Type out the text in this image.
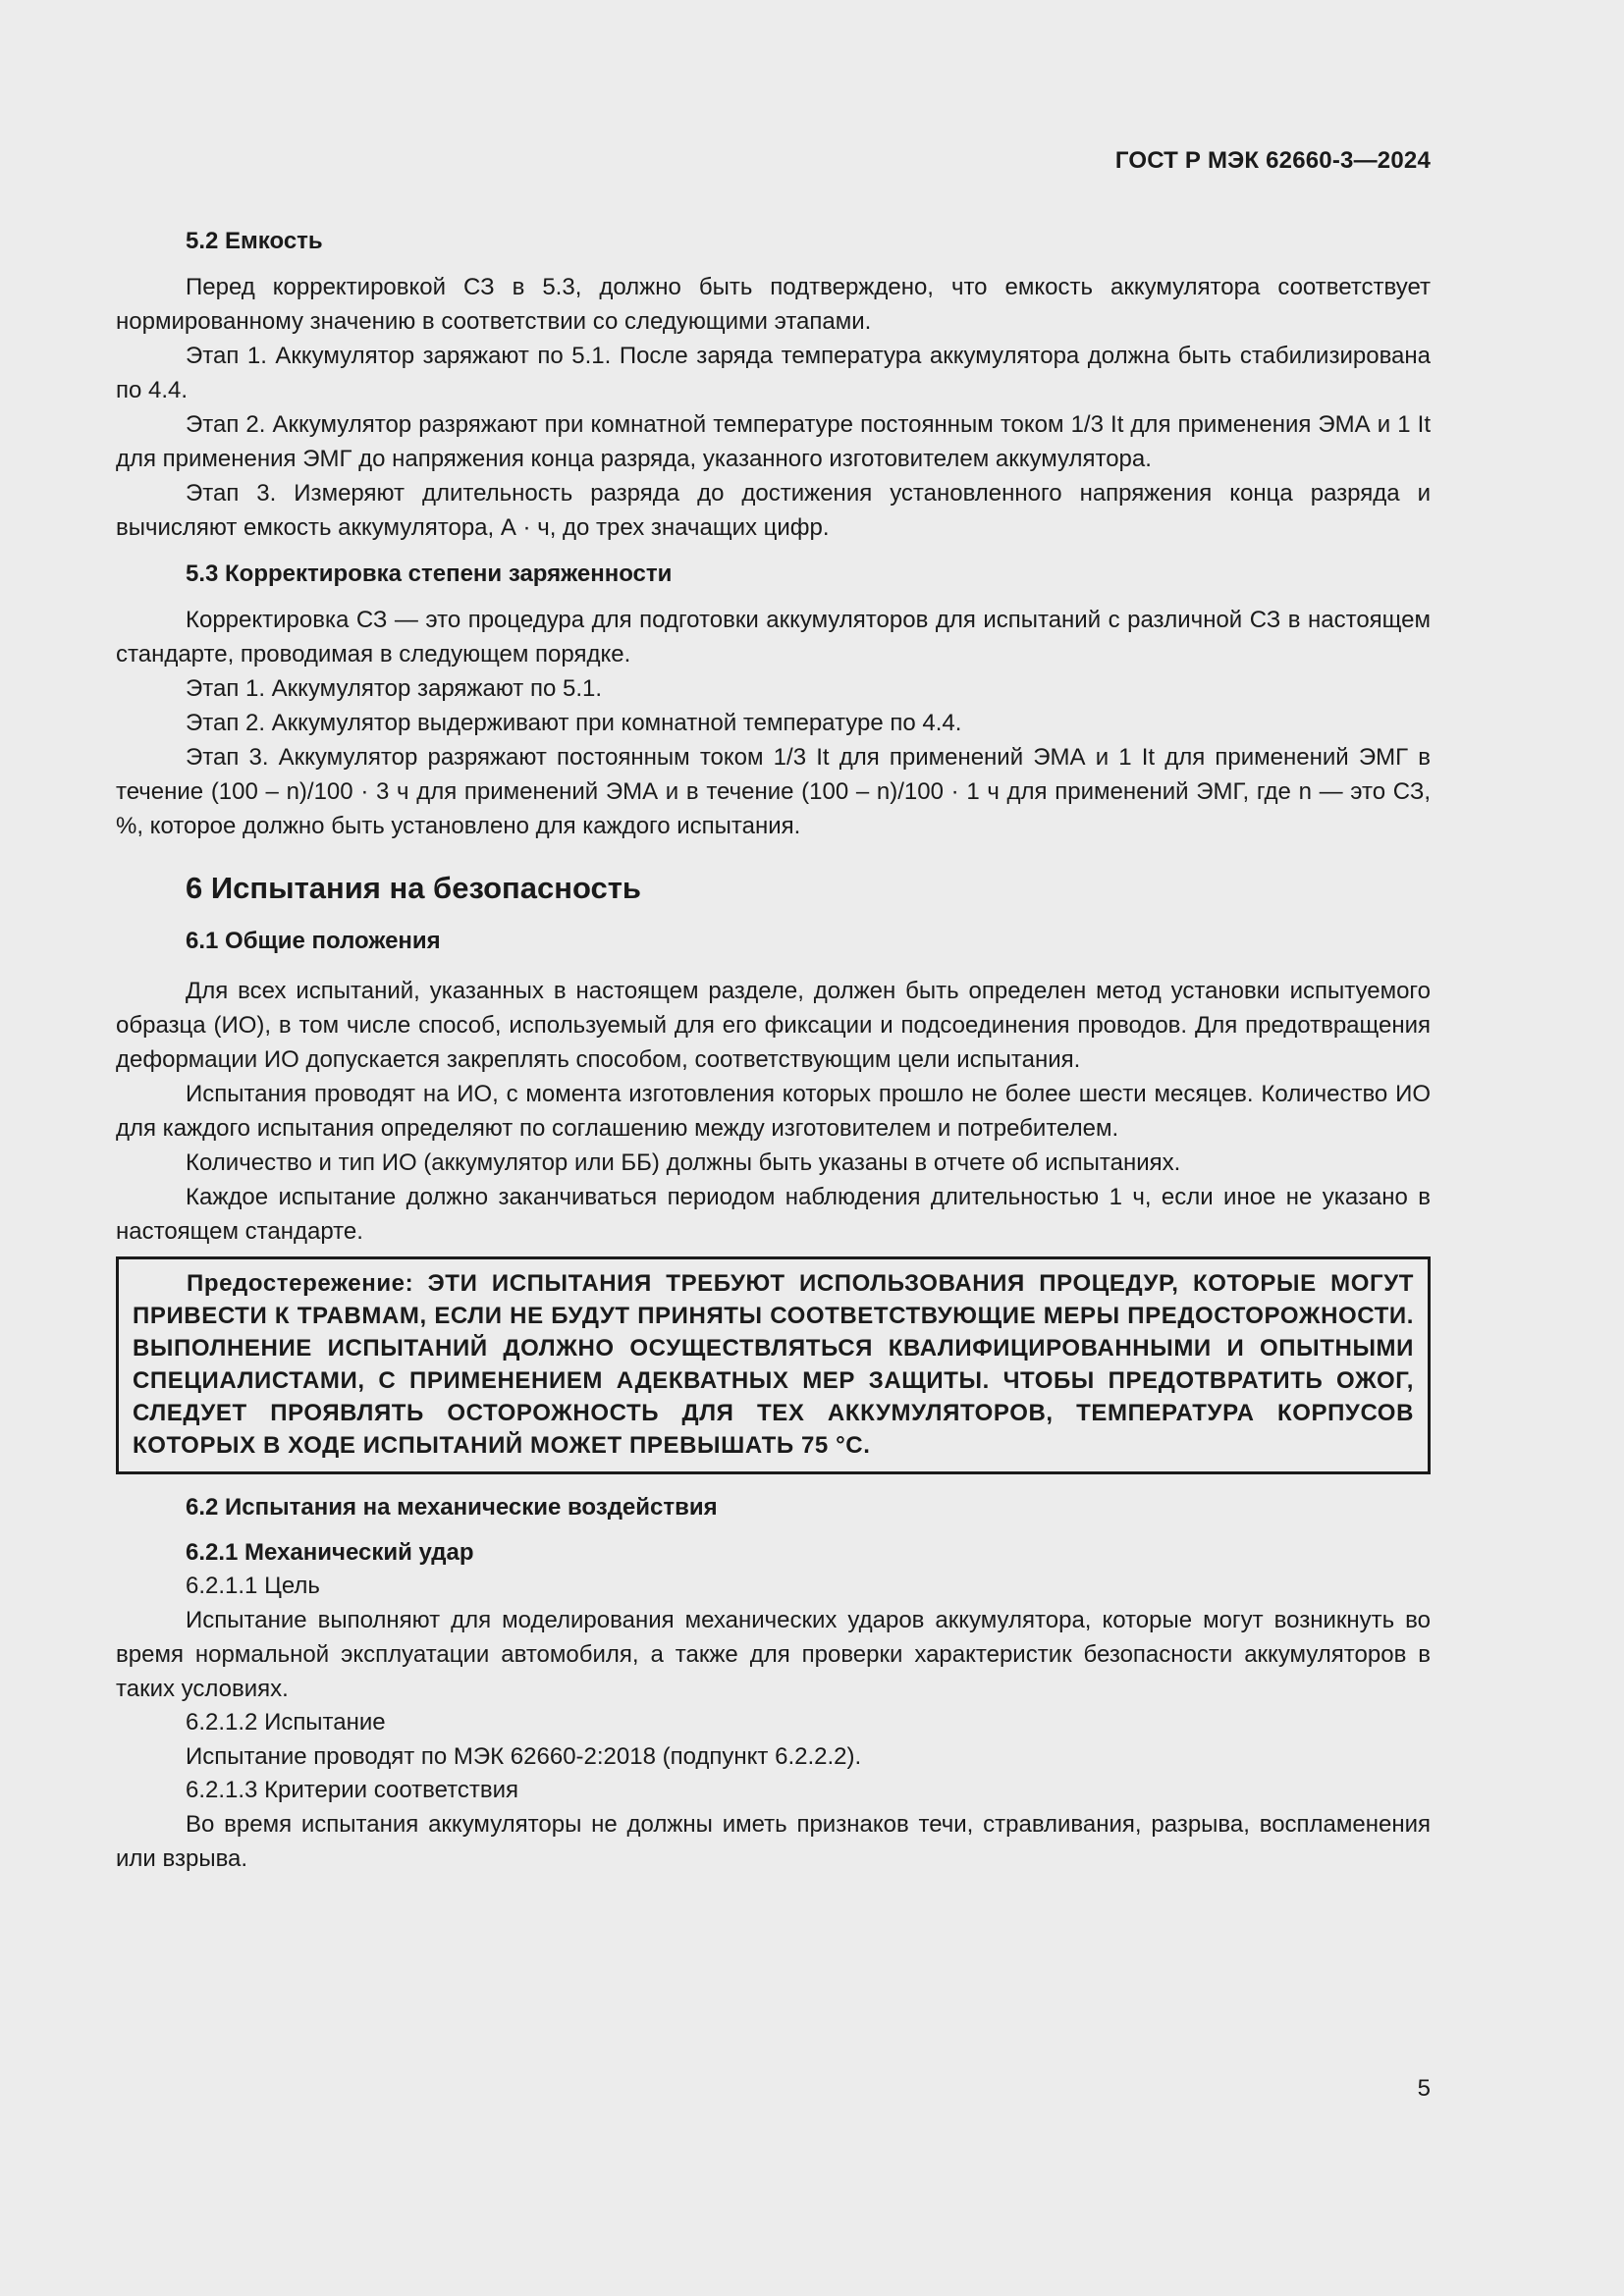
ГОСТ Р МЭК 62660-3—2024
5.2 Емкость

Перед корректировкой СЗ в 5.3, должно быть подтверждено, что емкость аккумулятора соответствует нормированному значению в соответствии со следующими этапами.

Этап 1. Аккумулятор заряжают по 5.1. После заряда температура аккумулятора должна быть стабилизирована по 4.4.

Этап 2. Аккумулятор разряжают при комнатной температуре постоянным током 1/3 It для применения ЭМА и 1 It для применения ЭМГ до напряжения конца разряда, указанного изготовителем аккумулятора.

Этап 3. Измеряют длительность разряда до достижения установленного напряжения конца разряда и вычисляют емкость аккумулятора, А · ч, до трех значащих цифр.

5.3 Корректировка степени заряженности

Корректировка СЗ — это процедура для подготовки аккумуляторов для испытаний с различной СЗ в настоящем стандарте, проводимая в следующем порядке.

Этап 1. Аккумулятор заряжают по 5.1.

Этап 2. Аккумулятор выдерживают при комнатной температуре по 4.4.

Этап 3. Аккумулятор разряжают постоянным током 1/3 It для применений ЭМА и 1 It для применений ЭМГ в течение (100 – n)/100 · 3 ч для применений ЭМА и в течение (100 – n)/100 · 1 ч для применений ЭМГ, где n — это СЗ, %, которое должно быть установлено для каждого испытания.

6 Испытания на безопасность
6.1 Общие положения

Для всех испытаний, указанных в настоящем разделе, должен быть определен метод установки испытуемого образца (ИО), в том числе способ, используемый для его фиксации и подсоединения проводов. Для предотвращения деформации ИО допускается закреплять способом, соответствующим цели испытания.

Испытания проводят на ИО, с момента изготовления которых прошло не более шести месяцев. Количество ИО для каждого испытания определяют по соглашению между изготовителем и потребителем.

Количество и тип ИО (аккумулятор или ББ) должны быть указаны в отчете об испытаниях.

Каждое испытание должно заканчиваться периодом наблюдения длительностью 1 ч, если иное не указано в настоящем стандарте.

Предостережение: ЭТИ ИСПЫТАНИЯ ТРЕБУЮТ ИСПОЛЬЗОВАНИЯ ПРОЦЕДУР, КОТОРЫЕ МОГУТ ПРИВЕСТИ К ТРАВМАМ, ЕСЛИ НЕ БУДУТ ПРИНЯТЫ СООТВЕТСТВУЮЩИЕ МЕРЫ ПРЕДОСТОРОЖНОСТИ. ВЫПОЛНЕНИЕ ИСПЫТАНИЙ ДОЛЖНО ОСУЩЕСТВЛЯТЬСЯ КВАЛИФИЦИРОВАННЫМИ И ОПЫТНЫМИ СПЕЦИАЛИСТАМИ, С ПРИМЕНЕНИЕМ АДЕКВАТНЫХ МЕР ЗАЩИТЫ. ЧТОБЫ ПРЕДОТВРАТИТЬ ОЖОГ, СЛЕДУЕТ ПРОЯВЛЯТЬ ОСТОРОЖНОСТЬ ДЛЯ ТЕХ АККУМУЛЯТОРОВ, ТЕМПЕРАТУРА КОРПУСОВ КОТОРЫХ В ХОДЕ ИСПЫТАНИЙ МОЖЕТ ПРЕВЫШАТЬ 75 °С.

6.2 Испытания на механические воздействия
6.2.1 Механический удар
6.2.1.1 Цель

Испытание выполняют для моделирования механических ударов аккумулятора, которые могут возникнуть во время нормальной эксплуатации автомобиля, а также для проверки характеристик безопасности аккумуляторов в таких условиях.

6.2.1.2 Испытание

Испытание проводят по МЭК 62660-2:2018 (подпункт 6.2.2.2).

6.2.1.3 Критерии соответствия

Во время испытания аккумуляторы не должны иметь признаков течи, стравливания, разрыва, воспламенения или взрыва.

5
